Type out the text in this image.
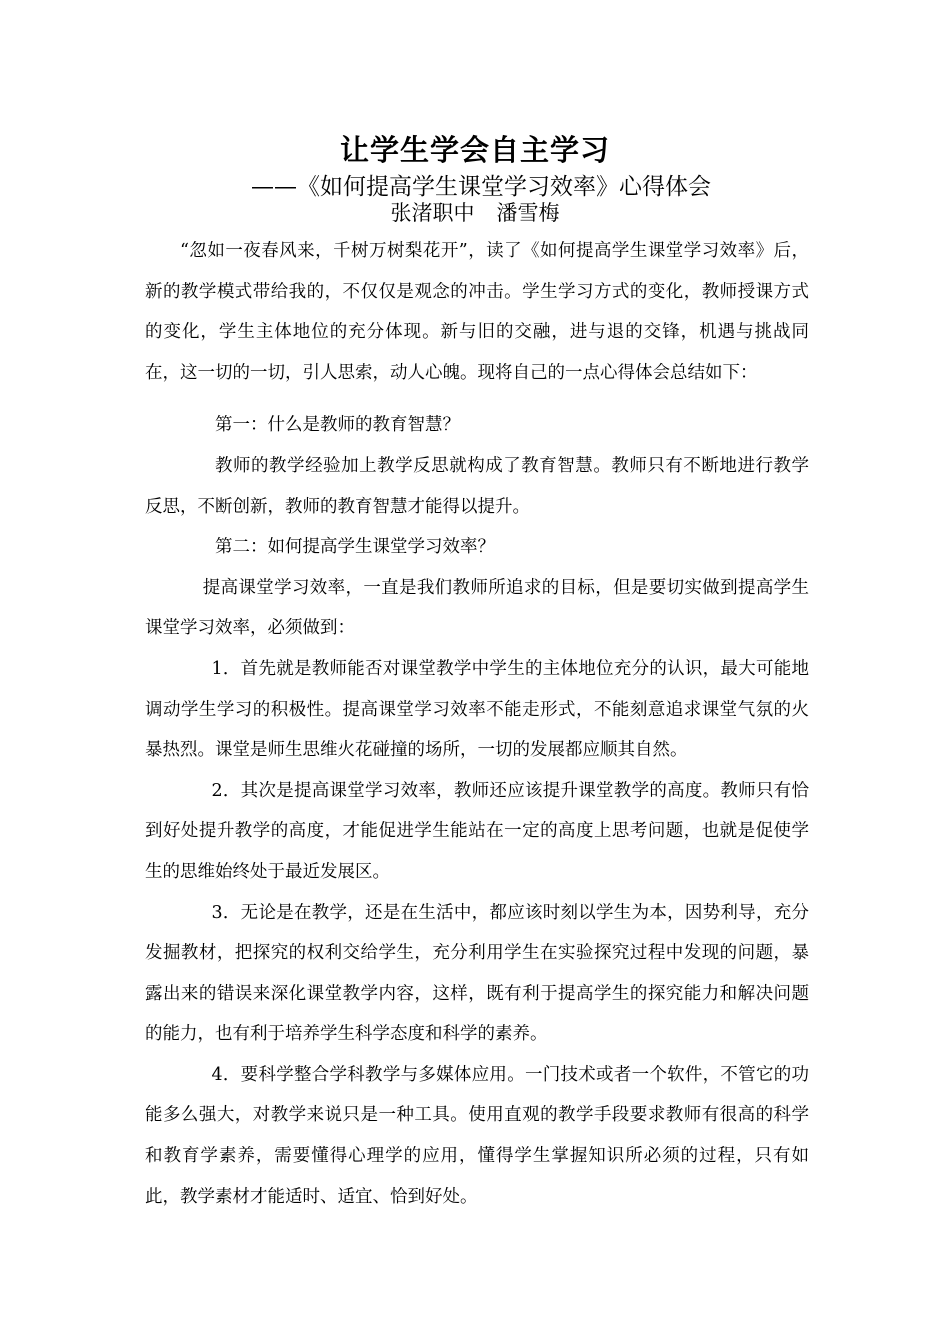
让学生学会自主学习
——《如何提高学生课堂学习效率》心得体会
张渚职中 潘雪梅

“忽如一夜春风来，千树万树梨花开”，读了《如何提高学生课堂学习效率》后，新的教学模式带给我的，不仅仅是观念的冲击。学生学习方式的变化，教师授课方式的变化，学生主体地位的充分体现。新与旧的交融，进与退的交锋，机遇与挑战同在，这一切的一切，引人思索，动人心魄。现将自己的一点心得体会总结如下：

第一：什么是教师的教育智慧？

教师的教学经验加上教学反思就构成了教育智慧。教师只有不断地进行教学反思，不断创新，教师的教育智慧才能得以提升。

第二：如何提高学生课堂学习效率？

提高课堂学习效率，一直是我们教师所追求的目标，但是要切实做到提高学生课堂学习效率，必须做到：

1．首先就是教师能否对课堂教学中学生的主体地位充分的认识，最大可能地调动学生学习的积极性。提高课堂学习效率不能走形式，不能刻意追求课堂气氛的火暴热烈。课堂是师生思维火花碰撞的场所，一切的发展都应顺其自然。

2．其次是提高课堂学习效率，教师还应该提升课堂教学的高度。教师只有恰到好处提升教学的高度，才能促进学生能站在一定的高度上思考问题，也就是促使学生的思维始终处于最近发展区。

3．无论是在教学，还是在生活中，都应该时刻以学生为本，因势利导，充分发掘教材，把探究的权利交给学生，充分利用学生在实验探究过程中发现的问题，暴露出来的错误来深化课堂教学内容，这样，既有利于提高学生的探究能力和解决问题的能力，也有利于培养学生科学态度和科学的素养。

4．要科学整合学科教学与多媒体应用。一门技术或者一个软件，不管它的功能多么强大，对教学来说只是一种工具。使用直观的教学手段要求教师有很高的科学和教育学素养，需要懂得心理学的应用，懂得学生掌握知识所必须的过程，只有如此，教学素材才能适时、适宜、恰到好处。
